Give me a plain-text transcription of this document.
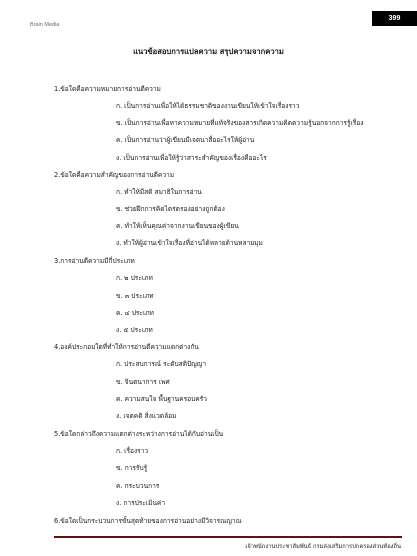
Brain Media
399
แนวข้อสอบการแปลความ สรุปความจากความ
1.ข้อใดคือความหมายการอ่านตีความ
ก. เป็นการอ่านเพื่อให้ได้ธรรมชาติของงานเขียนให้เข้าใจเรื่องราว
ข. เป็นการอ่านเพื่อหาความหมายที่แท้จริงของสารเกิดความคิดความรู้นอกจากการรู้เรื่อง
ค. เป็นการอ่านว่าผู้เขียนมีเจตนาสื่ออะไรให้ผู้อ่าน
ง. เป็นการอ่านเพื่อให้รู้ว่าสาระสำคัญของเรื่องคืออะไร
2.ข้อใดคือความสำคัญของการอ่านตีความ
ก. ทำให้มีสติ สมาธิในการอ่าน
ข. ช่วยฝึกการคิดไตร่ตรองอย่างถูกต้อง
ค. ทำให้เห็นคุณค่าจากงานเขียนของผู้เขียน
ง. ทำให้ผู้อ่านเข้าใจเรื่องที่อ่านได้หลายด้านหลายมุม
3.การอ่านตีความมีกี่ประเภท
ก. ๒ ประเภท
ข. ๓ ประเภท
ค. ๔ ประเภท
ง. ๕ ประเภท
4.องค์ประกอบใดที่ทำให้การอ่านตีความแตกต่างกัน
ก. ประสบการณ์ ระดับสติปัญญา
ข. จินตนาการ เพศ
ค. ความสนใจ พื้นฐานครอบครัว
ง. เจตคติ สิ่งแวดล้อม
5.ข้อใดกล่าวถึงความแตกต่างระหว่างการอ่านได้กับอ่านเป็น
ก. เรื่องราว
ข. การรับรู้
ค. กระบวนการ
ง. การประเมินค่า
6.ข้อใดเป็นกระบวนการขั้นสุดท้ายของการอ่านอย่างมีวิจารณญาณ
เจ้าพนักงานประชาสัมพันธ์ กรมส่งเสริมการปกครองส่วนท้องถิ่น
